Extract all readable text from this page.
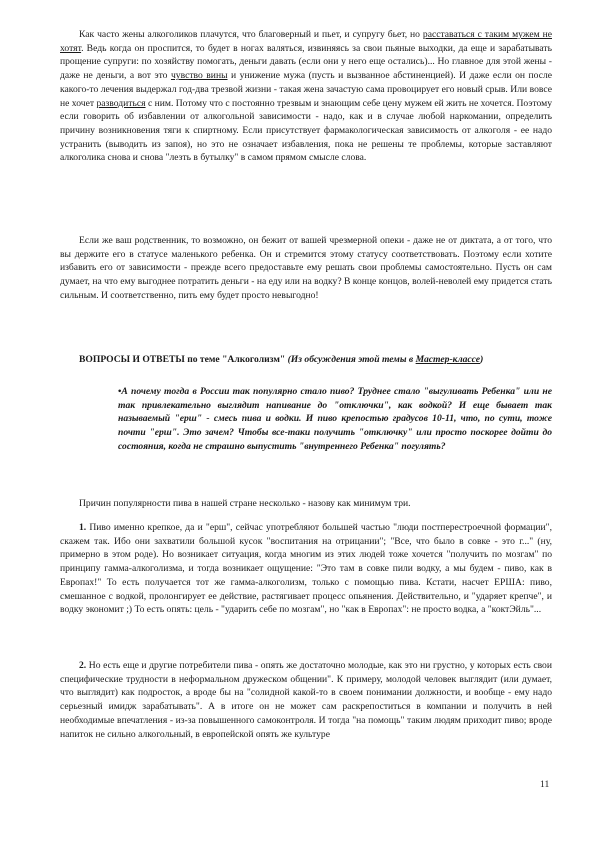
Как часто жены алкоголиков плачутся, что благоверный и пьет, и супругу бьет, но расставаться с таким мужем не хотят. Ведь когда он проспится, то будет в ногах валяться, извиняясь за свои пьяные выходки, да еще и зарабатывать прощение супруги: по хозяйству помогать, деньги давать (если они у него еще остались)... Но главное для этой жены - даже не деньги, а вот это чувство вины и унижение мужа (пусть и вызванное абстиненцией). И даже если он после какого-то лечения выдержал год-два трезвой жизни - такая жена зачастую сама провоцирует его новый срыв. Или вовсе не хочет разводиться с ним. Потому что с постоянно трезвым и знающим себе цену мужем ей жить не хочется. Поэтому если говорить об избавлении от алкогольной зависимости - надо, как и в случае любой наркомании, определить причину возникновения тяги к спиртному. Если присутствует фармакологическая зависимость от алкоголя - ее надо устранить (выводить из запоя), но это не означает избавления, пока не решены те проблемы, которые заставляют алкоголика снова и снова "лезть в бутылку" в самом прямом смысле слова.

Если же ваш родственник, то возможно, он бежит от вашей чрезмерной опеки - даже не от диктата, а от того, что вы держите его в статусе маленького ребенка. Он и стремится этому статусу соответствовать. Поэтому если хотите избавить его от зависимости - прежде всего предоставьте ему решать свои проблемы самостоятельно. Пусть он сам думает, на что ему выгоднее потратить деньги - на еду или на водку? В конце концов, волей-неволей ему придется стать сильным. И соответственно, пить ему будет просто невыгодно!

ВОПРОСЫ И ОТВЕТЫ по теме "Алкоголизм" (Из обсуждения этой темы в Мастер-классе)

•А почему тогда в России так популярно стало пиво? Труднее стало "выгуливать Ребенка" или не так привлекательно выглядит напивание до "отключки", как водкой? И еще бывает так называемый "ерш" - смесь пива и водки. И пиво крепостью градусов 10-11, что, по сути, тоже почти "ерш". Это зачем? Чтобы все-таки получить "отключку" или просто поскорее дойти до состояния, когда не страшно выпустить "внутреннего Ребенка" погулять?

Причин популярности пива в нашей стране несколько - назову как минимум три.

1. Пиво именно крепкое, да и "ерш", сейчас употребляют большей частью "люди постперестроечной формации", скажем так. Ибо они захватили большой кусок "воспитания на отрицании"; "Все, что было в совке - это г..." (ну, примерно в этом роде). Но возникает ситуация, когда многим из этих людей тоже хочется "получить по мозгам" по принципу гамма-алкоголизма, и тогда возникает ощущение: "Это там в совке пили водку, а мы будем - пиво, как в Европах!" То есть получается тот же гамма-алкоголизм, только с помощью пива. Кстати, насчет ЕРША: пиво, смешанное с водкой, пролонгирует ее действие, растягивает процесс опьянения. Действительно, и "ударяет крепче", и водку экономит ;) То есть опять: цель - "ударить себе по мозгам", но "как в Европах": не просто водка, а "коктЭйль"...

2. Но есть еще и другие потребители пива - опять же достаточно молодые, как это ни грустно, у которых есть свои специфические трудности в неформальном дружеском общении". К примеру, молодой человек выглядит (или думает, что выглядит) как подросток, а вроде бы на "солидной какой-то в своем понимании должности, и вообще - ему надо серьезный имидж зарабатывать". А в итоге он не может сам раскрепоститься в компании и получить в ней необходимые впечатления - из-за повышенного самоконтроля. И тогда "на помощь" таким людям приходит пиво; вроде напиток не сильно алкогольный, в европейской опять же культуре

11
